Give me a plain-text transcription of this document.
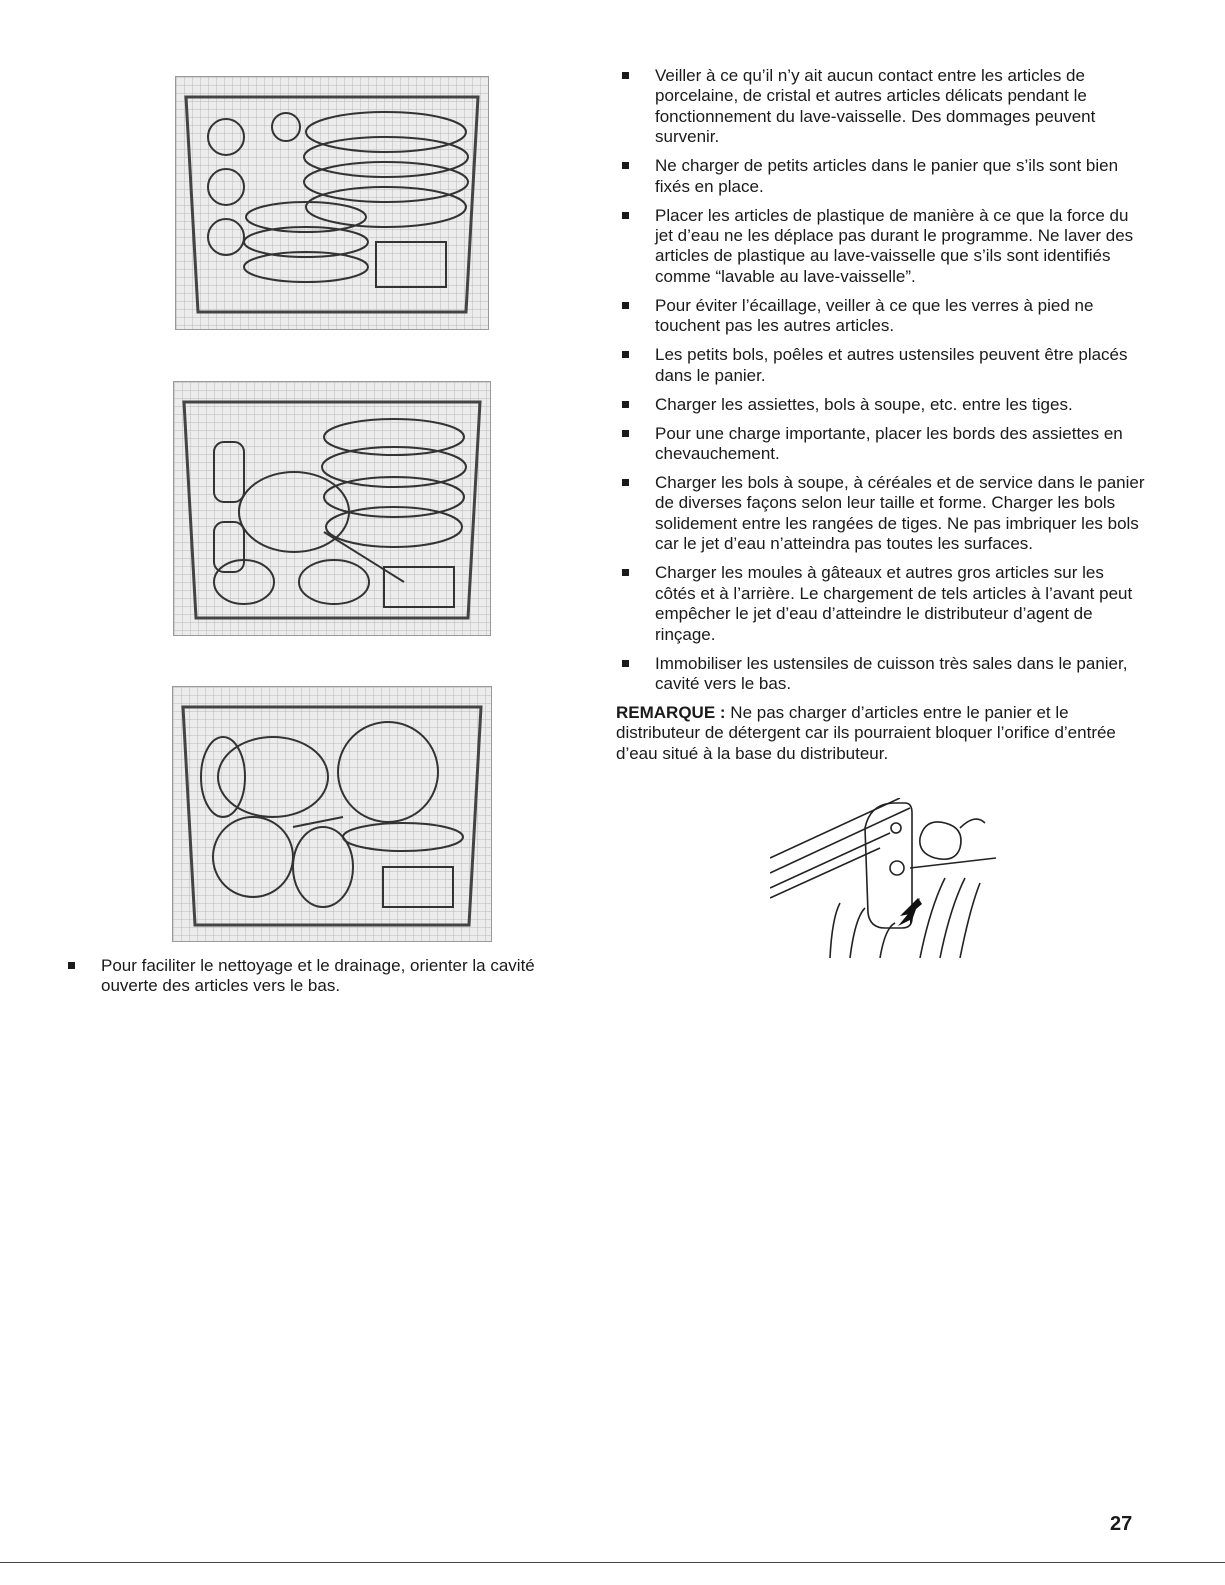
Veiller à ce qu’il n’y ait aucun contact entre les articles de porcelaine, de cristal et autres articles délicats pendant le fonctionnement du lave-vaisselle. Des dommages peuvent survenir.
Ne charger de petits articles dans le panier que s’ils sont bien fixés en place.
Placer les articles de plastique de manière à ce que la force du jet d’eau ne les déplace pas durant le programme. Ne laver des articles de plastique au lave-vaisselle que s’ils sont identifiés comme “lavable au lave-vaisselle”.
Pour éviter l’écaillage, veiller à ce que les verres à pied ne touchent pas les autres articles.
Les petits bols, poêles et autres ustensiles peuvent être placés dans le panier.
Charger les assiettes, bols à soupe, etc. entre les tiges.
Pour une charge importante, placer les bords des assiettes en chevauchement.
Charger les bols à soupe, à céréales et de service dans le panier de diverses façons selon leur taille et forme. Charger les bols solidement entre les rangées de tiges. Ne pas imbriquer les bols car le jet d’eau n’atteindra pas toutes les surfaces.
Charger les moules à gâteaux et autres gros articles sur les côtés et à l’arrière. Le chargement de tels articles à l’avant peut empêcher le jet d’eau d’atteindre le distributeur d’agent de rinçage.
Immobiliser les ustensiles de cuisson très sales dans le panier, cavité vers le bas.

REMARQUE : Ne pas charger d’articles entre le panier et le distributeur de détergent car ils pourraient bloquer l’orifice d’entrée d’eau situé à la base du distributeur.

Pour faciliter le nettoyage et le drainage, orienter la cavité ouverte des articles vers le bas.
27
